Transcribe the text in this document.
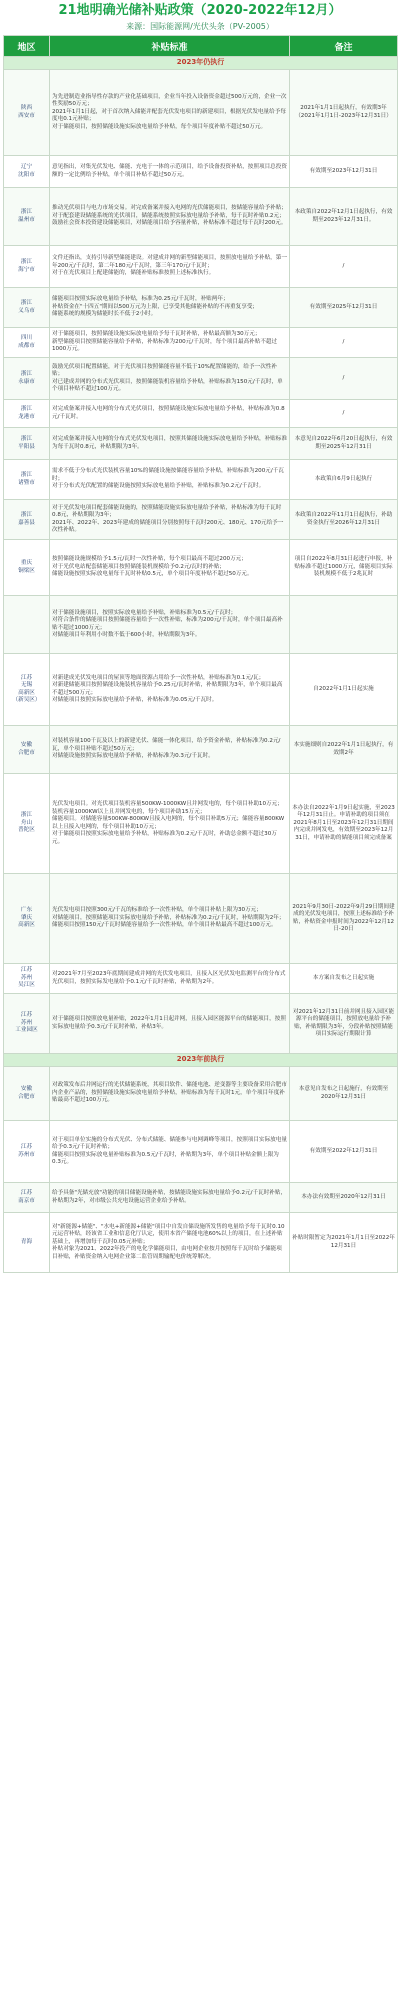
21地明确光储补贴政策（2020-2022年12月）
来源：国际能源网/光伏头条（PV-2005）
地区	补贴标准	备注
2023年仍执行		
陕西
西安市	为先进制造业指导性存款的产业化基础项目，企业当年投入设备资金超过500万元的，企业一次性奖励50万元；
2021年1月1日起，对于首次纳入储能并配套光伏发电项目的新建项目，根据光伏发电量给予每度电0.1元补贴；
对于储能项目，按照储能设施实际放电量给予补贴，每个项目年度补贴不超过50万元。	2021年1月1日起执行，有效期3年（2021年1月1日-2023年12月31日）
辽宁
沈阳市	意见指出，对集光伏发电、储能、充电于一体的示范项目，给予设备投资补贴，按照项目总投资额的一定比例给予补贴，单个项目补贴不超过50万元。	有效期至2023年12月31日
浙江
温州市	推动光伏项目与电力市场交易。对完成备案并接入电网的光伏储能项目，按储能容量给予补贴；
对于配套建设储能系统的光伏项目，储能系统按照实际放电量给予补贴，每千瓦时补贴0.2元；
鼓励社会资本投资建设储能项目，对储能项目给予容量补贴，补贴标准不超过每千瓦时200元。	本政策自2022年12月1日起执行，有效期至2023年12月31日。
浙江
海宁市	文件还指出，支持引导新型储能建设。对建成并网的新型储能项目，按照放电量给予补贴，第一年200元/千瓦时，第二年180元/千瓦时，第三年170元/千瓦时；
对于在光伏项目上配建储能的，储能补贴标准按照上述标准执行。	/
浙江
义乌市	储能项目按照实际放电量给予补贴，标准为0.25元/千瓦时，补贴两年；
补贴资金在"十四五"期间以500万元为上限，已享受其他储能补贴的不再重复享受；
储能系统的规模为储能时长不低于2小时。	有效期至2025年12月31日
四川
成都市	对于储能项目，按照储能设施实际放电量给予每千瓦时补贴，补贴最高额为30万元；
新型储能项目按照储能容量给予补贴，补贴标准为200元/千瓦时，每个项目最高补贴不超过1000万元。	/
浙江
永康市	鼓励光伏项目配置储能，对于光伏项目按照储能容量不低于10%配置储能的，给予一次性补贴；
对已建成并网的分布式光伏项目，按照储能装机容量给予补贴，补贴标准为150元/千瓦时，单个项目补贴不超过100万元。	/
浙江
龙港市	对完成备案并接入电网的分布式光伏项目，按照储能设施实际放电量给予补贴，补贴标准为0.8元/千瓦时。	/
浙江
平阳县	对完成备案并接入电网的分布式光伏发电项目，按照其储能设施实际放电量给予补贴，补贴标准为每千瓦时0.8元，补贴期限为3年。	本意见自2022年6月20日起执行，有效期至2025年12月31日
浙江
诸暨市	需求不低于分布式光伏装机容量10%的储能设施按储能容量给予补贴，补贴标准为200元/千瓦时；
对于分布式光伏配置的储能设施按照实际放电量给予补贴，补贴标准为0.2元/千瓦时。	本政策自6月9日起执行
浙江
嘉善县	对于光伏发电项目配套储能设施的，按照储能设施实际放电量给予补贴，补贴标准为每千瓦时0.8元，补贴期限为3年；
2021年、2022年、2023年建成的储能项目分别按照每千瓦时200元、180元、170元给予一次性补贴。	本政策自2022年11月1日起执行，补助资金执行至2026年12月31日
重庆
铜梁区	按照储能设施规模给予1.5元/瓦时一次性补贴，每个项目最高不超过200万元；
对于光伏电站配套储能项目按照储能装机规模给予0.2元/瓦时的补贴；
储能设施按照实际放电量每千瓦时补贴0.5元，单个项目年度补贴不超过50万元。	项目自2022年8月31日起进行申报，补贴标准不超过1000万元，储能项目实际装机规模不低于2兆瓦时
	对于储能设施项目，按照实际放电量给予补贴，补贴标准为0.5元/千瓦时；
对符合条件的储能项目按照储能容量给予一次性补贴，标准为200元/千瓦时，单个项目最高补贴不超过1000万元；
对储能项目年利用小时数不低于600小时，补贴期限为3年。	
江苏
无锡
高新区
（新吴区）	对新建成光伏发电项目的屋顶等地面资源占用给予一次性补贴，补贴标准为0.1元/瓦；
对新建储能项目按照储能设施装机容量给予0.25元/瓦时补贴，补贴期限为3年，单个项目最高不超过500万元；
对储能项目按照实际放电量给予补贴，补贴标准为0.05元/千瓦时。	自2022年1月1日起实施
安徽
合肥市	对装机容量100千瓦及以上的新建光伏、储能一体化项目，给予资金补贴，补贴标准为0.2元/瓦，单个项目补贴不超过50万元；
对储能设施按照实际放电量给予补贴，补贴标准为0.3元/千瓦时。	本实施细则自2022年1月1日起执行，有效期2年
浙江
舟山
普陀区	光伏发电项目。对光伏项目装机容量500KW-1000KW且并网发电的，每个项目补助10万元；装机容量1000KW以上且并网发电的，每个项目补助15万元；
储能项目。对储能容量500KW-800KW且接入电网的，每个项目补助5万元；储能容量800KW以上且接入电网的，每个项目补助10万元；
对于储能项目按照实际放电量给予补贴，补贴标准为0.2元/千瓦时，补助总金额不超过30万元。	本办法自2022年1月9日起实施，至2023年12月31日止。申请补助的项目须在2021年8月1日至2023年12月31日期间内完成并网发电，有效期至2023年12月31日，申请补助的储能项目须完成备案
广东
肇庆
高新区	光伏发电项目按照300元/千瓦的标准给予一次性补贴，单个项目补贴上限为30万元；
对储能项目，按照储能项目实际放电量给予补贴，补贴标准为0.2元/千瓦时，补贴期限为2年；
储能项目按照150元/千瓦时储能容量给予一次性补贴，单个项目补贴最高不超过100万元。	2021年9月30日-2022年9月29日期间建成的光伏发电项目，按照上述标准给予补贴，补贴资金申报时间为2022年12月12日-20日
江苏
苏州
吴江区	对2021年7月至2023年底期间建成并网的光伏发电项目，且接入区光伏发电监测平台的分布式光伏项目，按照实际发电量给予0.1元/千瓦时补贴，补贴期为2年。	本方案自发布之日起实施
江苏
苏州
工业园区	对于储能项目按照放电量补贴，2022年1月1日起并网，且接入园区能源平台的储能项目，按照实际放电量给予0.3元/千瓦时补贴，补贴3年。	对2021年12月31日前并网且接入园区能源平台的储能项目，按照放电量给予补贴，补贴期限为3年，分段补贴按照储能项目实际运行期限计算
2023年前执行		
安徽
合肥市	对政策发布后并网运行的光伏储能系统，其项目软件、储能电池、逆变器等主要设备采用合肥市内企业产品的，按照储能设施实际放电量给予补贴，补贴标准为每千瓦时1元，单个项目年度补贴最高不超过100万元。	本意见自发布之日起施行，有效期至2020年12月31日
江苏
苏州市	对于项目单位实施的分布式光伏、分布式储能、储能参与电网调峰等项目，按照项目实际放电量给予0.3元/千瓦时补贴；
储能项目按照实际放电量补贴标准为0.5元/千瓦时，补贴期为3年，单个项目补贴金额上限为0.3元。	有效期至2022年12月31日
江苏
南京市	给予具备"光储充放"功能的项目储能设施补贴，按储能设施实际放电量给予0.2元/千瓦时补贴，补贴期为2年，对市级公共充电设施运营企业给予补贴。	本办法有效期至2020年12月31日
青海	对"新能源+储能"、"水电+新能源+储能"项目中自发自储设施所发售的电量给予每千瓦时0.10元运营补贴，经该省工业和信息化厅认定，使用本省产储能电池60%以上的项目，在上述补贴基础上，再增加每千瓦时0.05元补贴；
补贴对象为2021、2022年投产的电化学储能项目，由电网企业按月按照每千瓦时给予储能项目补贴，补贴资金纳入电网企业第二监管周期输配电价统筹解决。	补贴时限暂定为2021年1月1日至2022年12月31日
